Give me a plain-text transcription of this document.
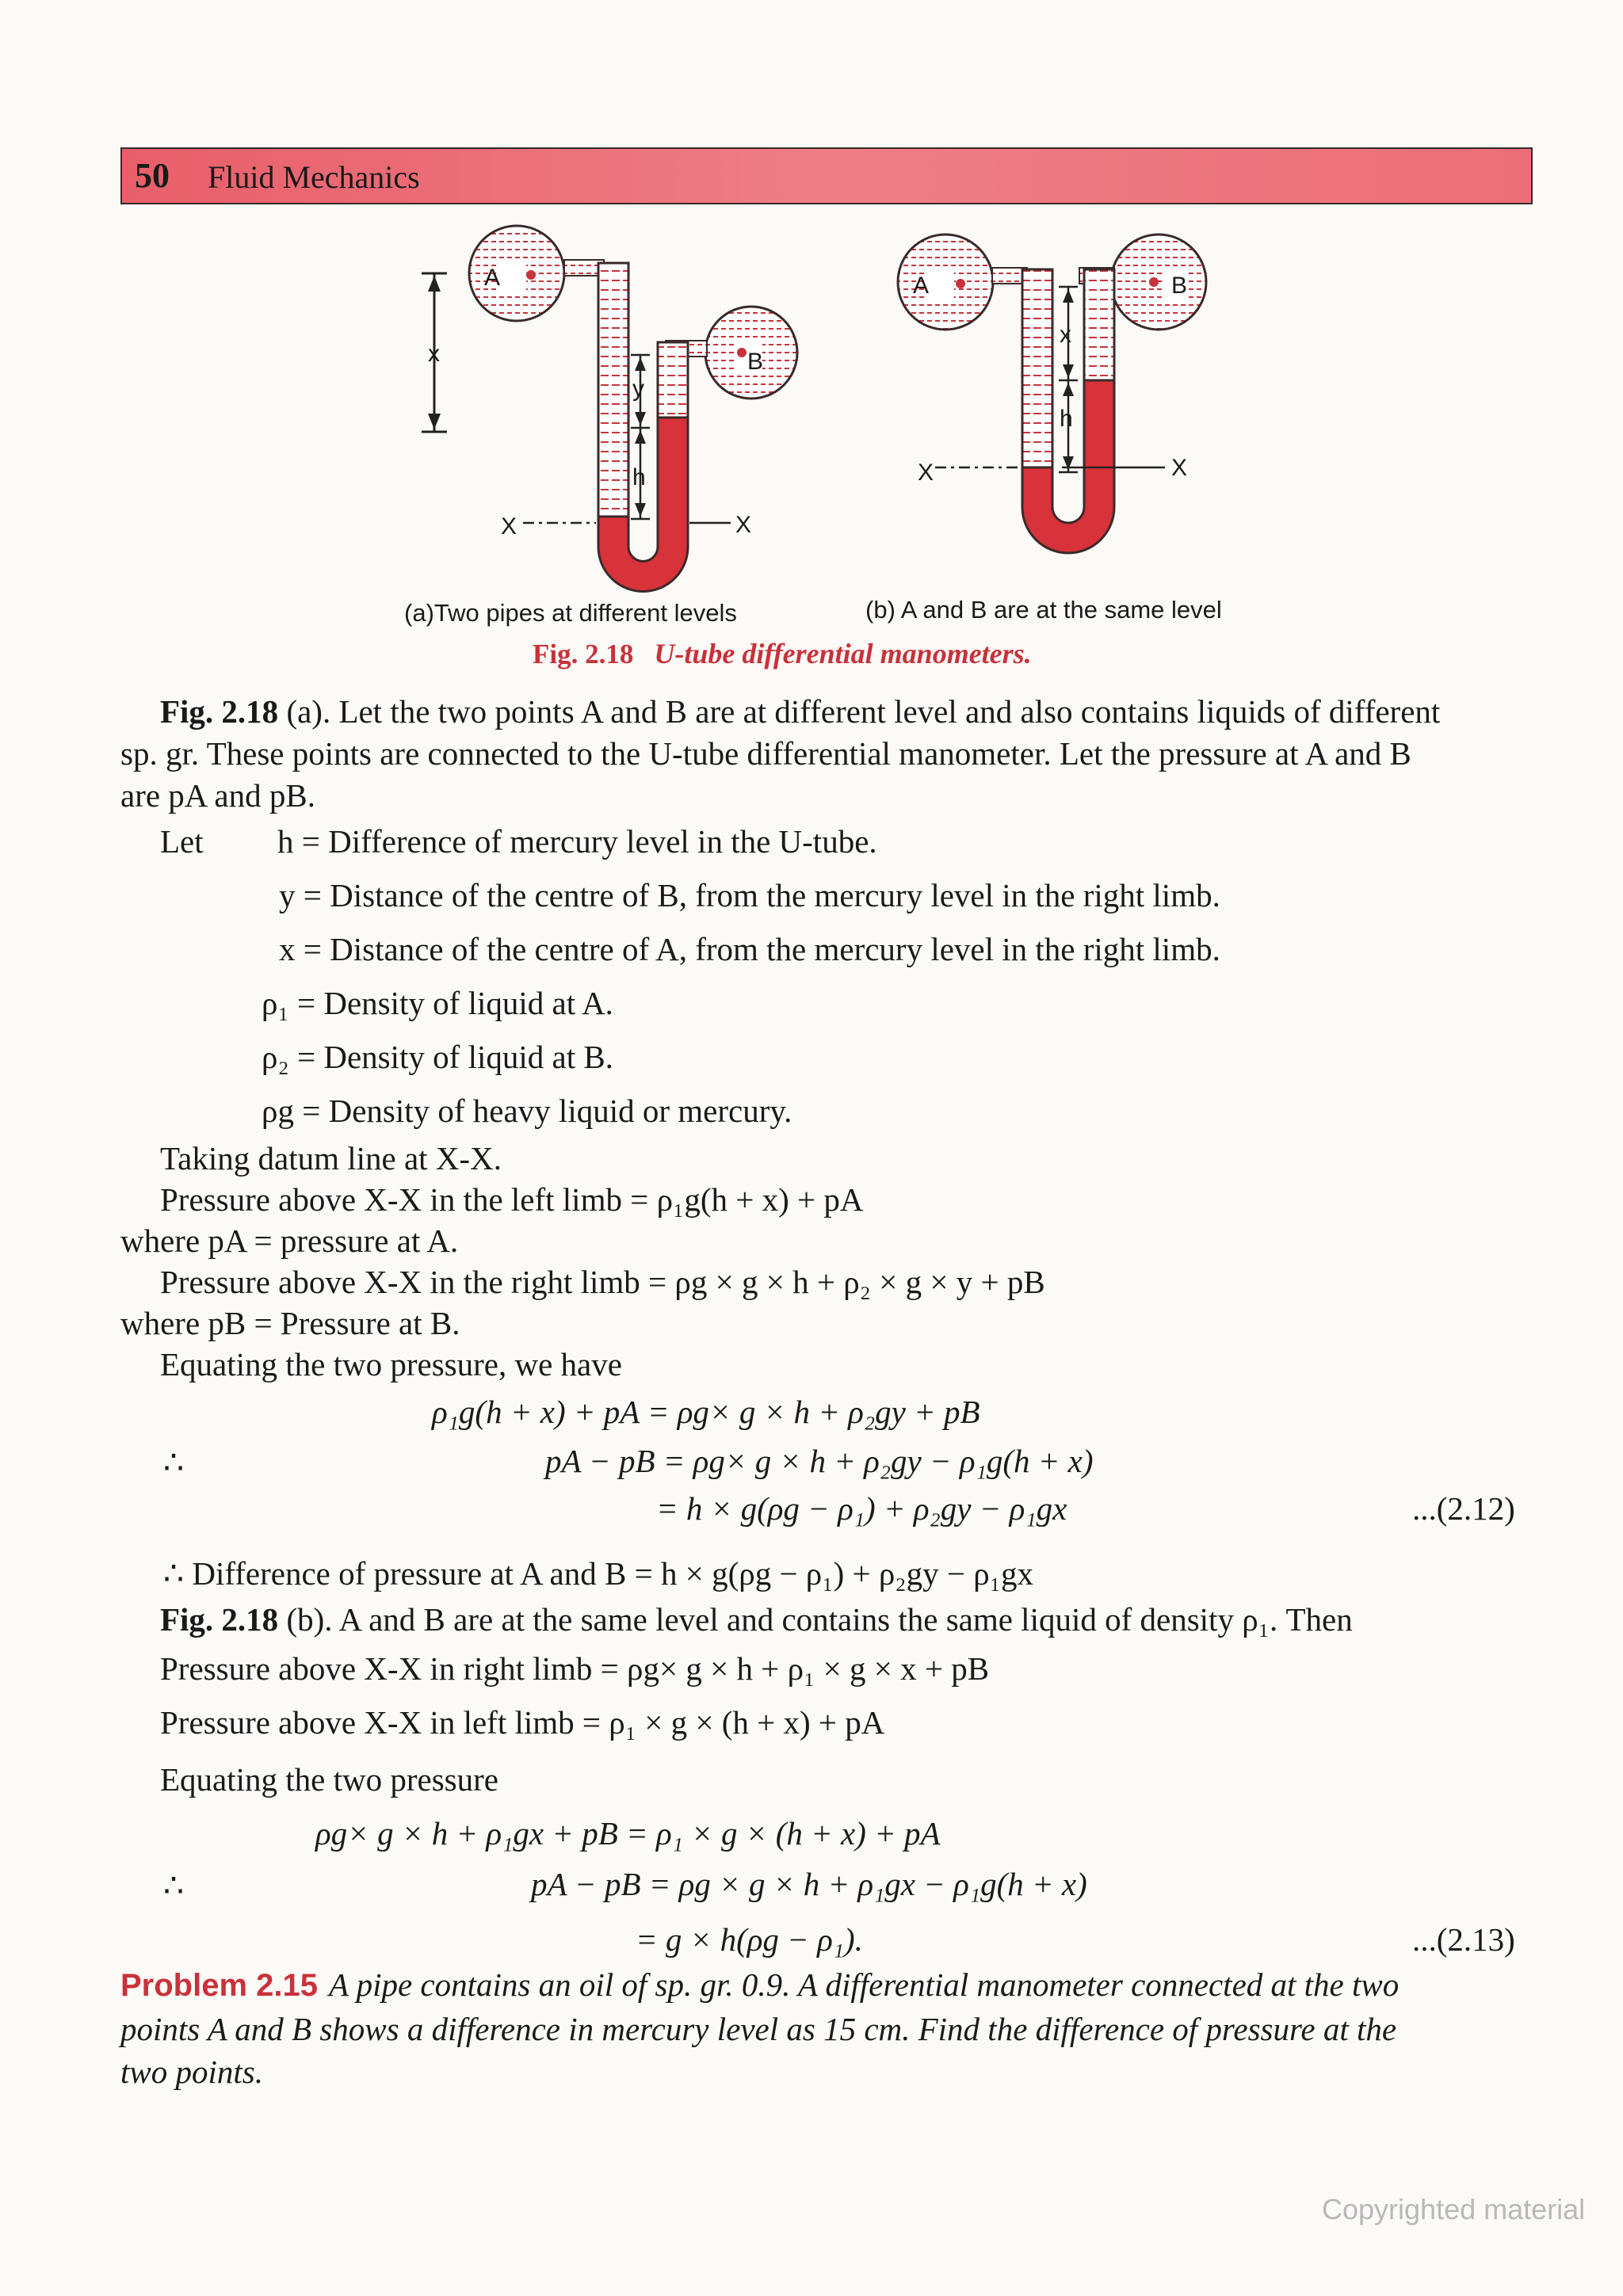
50 Fluid Mechanics
A
B
x
y
h
X	X
A	B
x
h
X	X
(a)Two pipes at different levels	(b) A and B are at the same level
Fig. 2.18 U-tube differential manometers.
Fig. 2.18 (a). Let the two points A and B are at different level and also contains liquids of different
sp. gr. These points are connected to the U-tube differential manometer. Let the pressure at A and B
are pA and pB.
Let h = Difference of mercury level in the U-tube.
y = Distance of the centre of B, from the mercury level in the right limb.
x = Distance of the centre of A, from the mercury level in the right limb.
ρ₁ = Density of liquid at A.
ρ₂ = Density of liquid at B.
ρg = Density of heavy liquid or mercury.
Taking datum line at X-X.
Pressure above X-X in the left limb = ρ₁g(h + x) + pA
where pA = pressure at A.
Pressure above X-X in the right limb = ρg × g × h + ρ₂ × g × y + pB
where pB = Pressure at B.
Equating the two pressure, we have
ρ₁g(h + x) + pA = ρg× g × h + ρ₂gy + pB
∴	pA − pB = ρg× g × h + ρ₂gy − ρ₁g(h + x)
= h × g(ρg − ρ₁) + ρ₂gy − ρ₁gx	...(2.12)
∴ Difference of pressure at A and B = h × g(ρg − ρ₁) + ρ₂gy − ρ₁gx
Fig. 2.18 (b). A and B are at the same level and contains the same liquid of density ρ₁. Then
Pressure above X-X in right limb = ρg× g × h + ρ₁ × g × x + pB
Pressure above X-X in left limb = ρ₁ × g × (h + x) + pA
Equating the two pressure
ρg× g × h + ρ₁gx + pB = ρ₁ × g × (h + x) + pA
∴	pA − pB = ρg × g × h + ρ₁gx − ρ₁g(h + x)
= g × h(ρg − ρ₁).	...(2.13)
Problem 2.15 A pipe contains an oil of sp. gr. 0.9. A differential manometer connected at the two
points A and B shows a difference in mercury level as 15 cm. Find the difference of pressure at the
two points.
Copyrighted material
